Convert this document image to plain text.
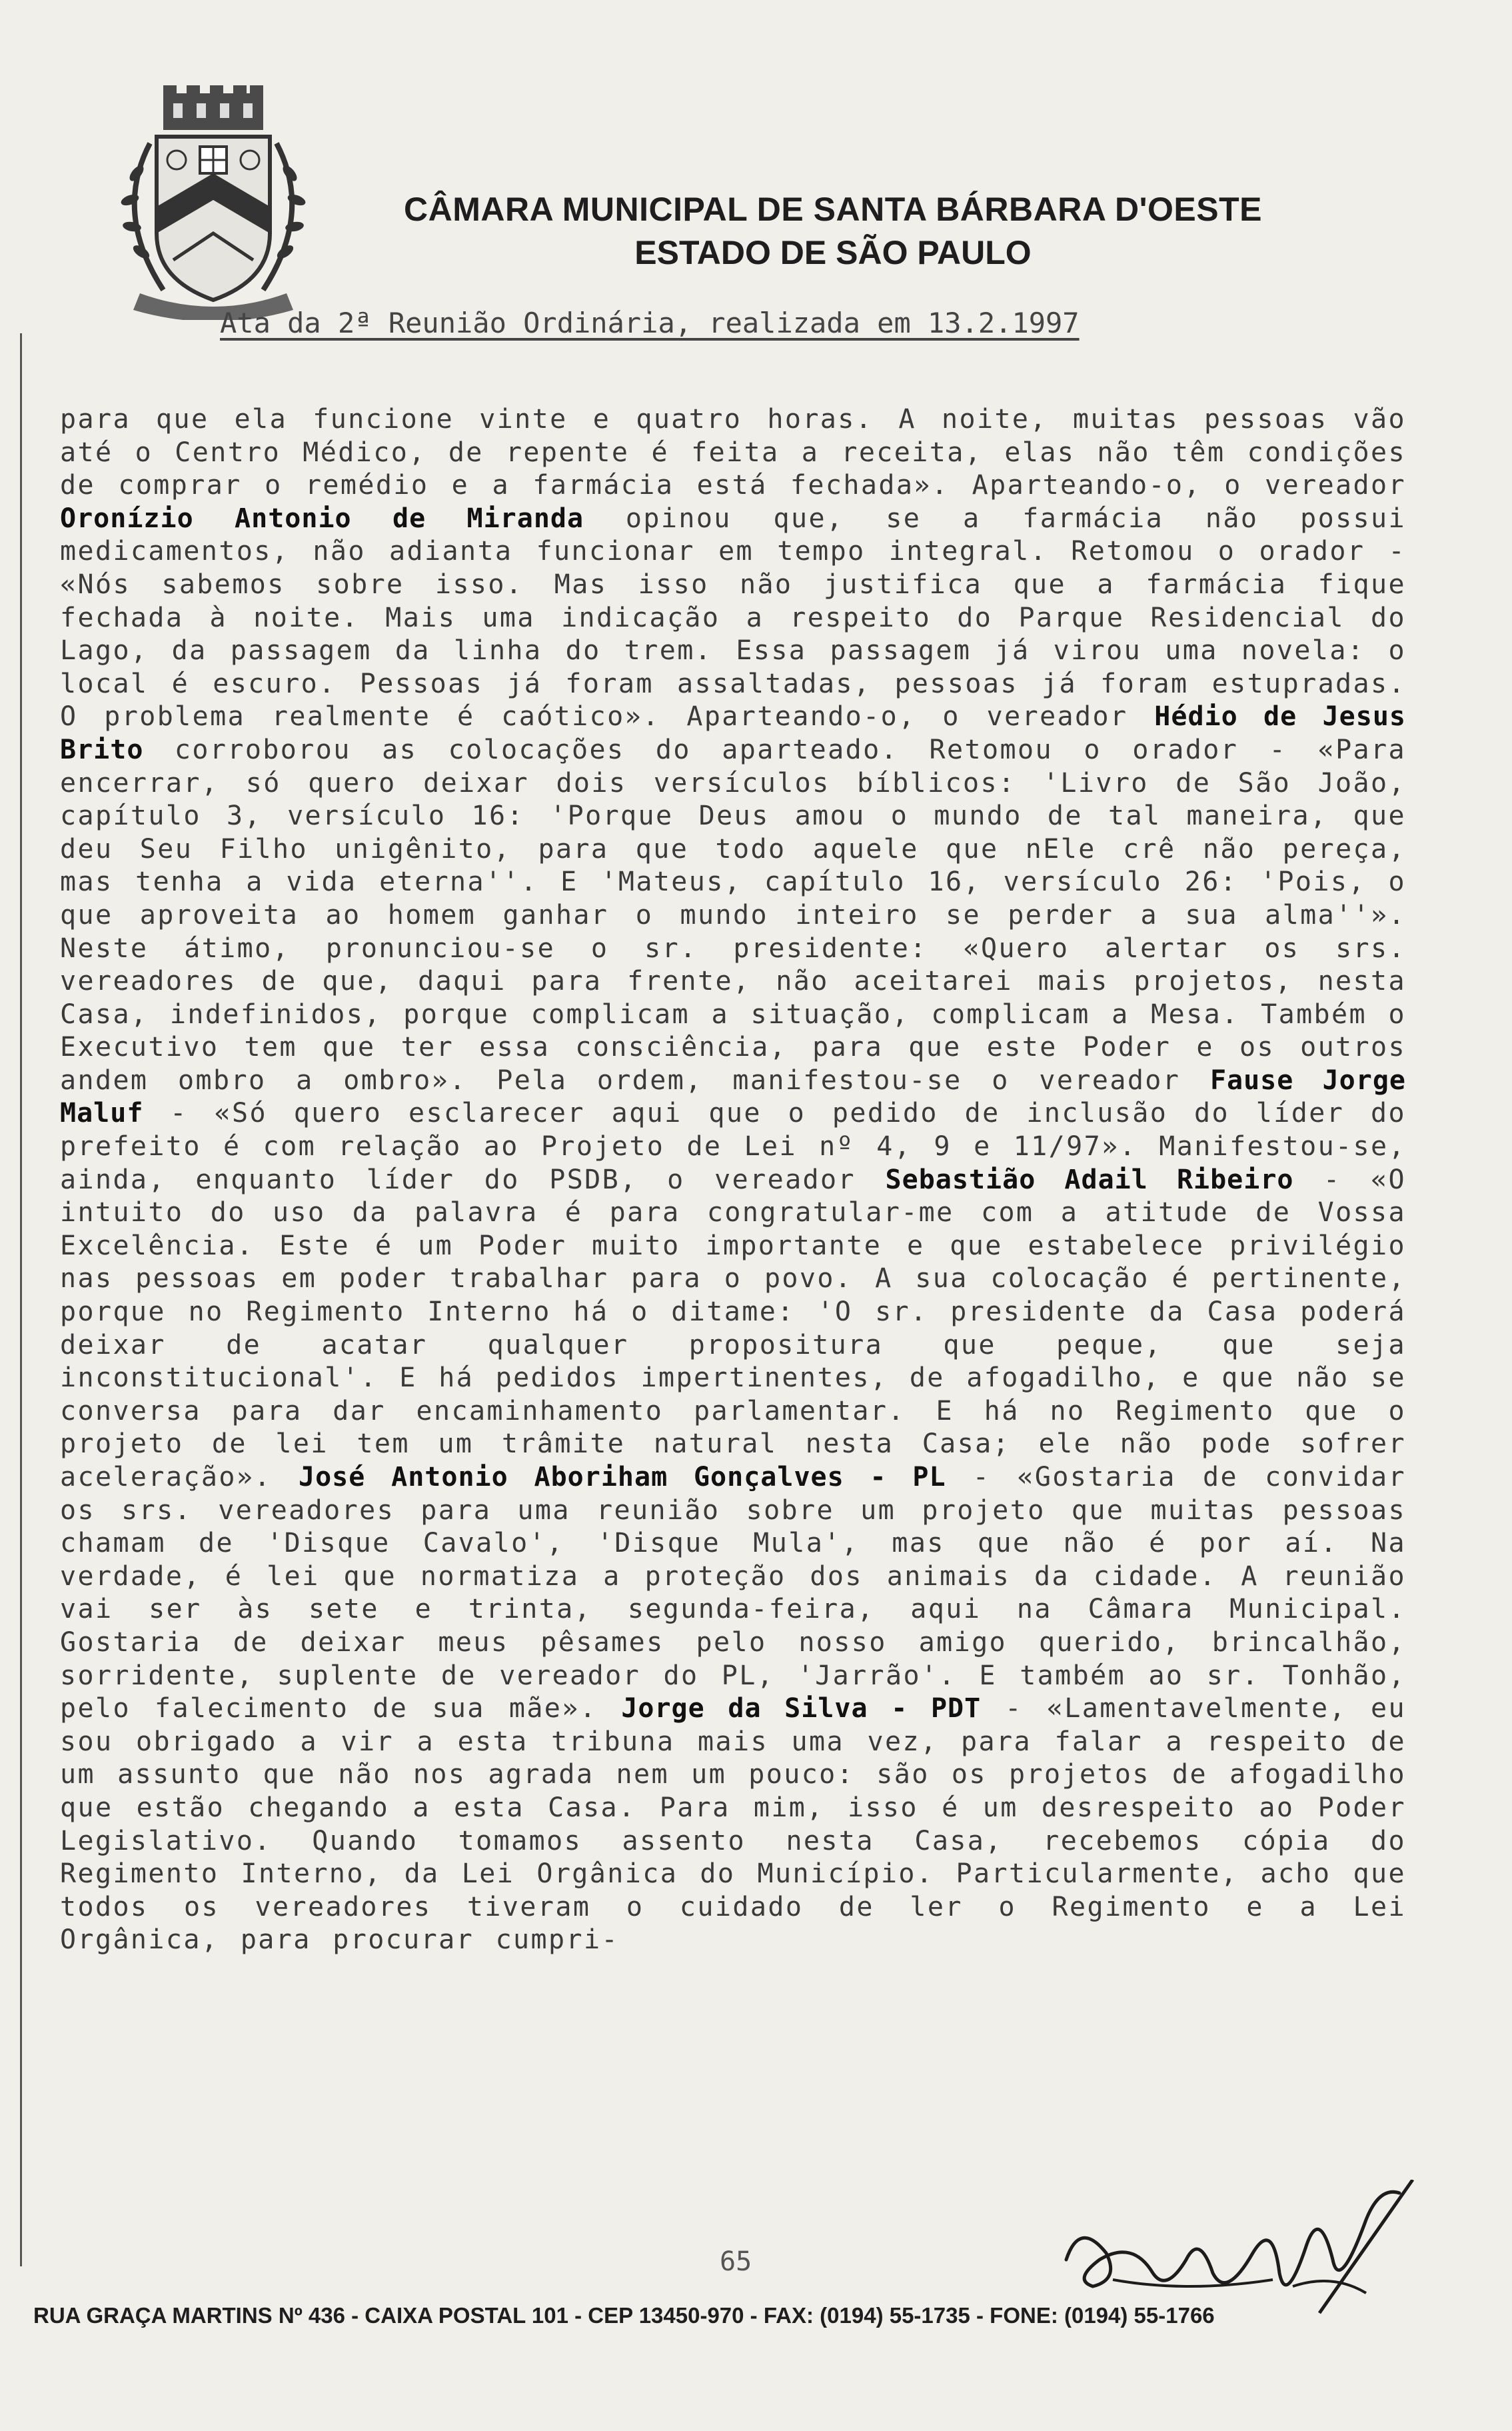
CÂMARA MUNICIPAL DE SANTA BÁRBARA D'OESTE
ESTADO DE SÃO PAULO
Ata da 2ª Reunião Ordinária, realizada em 13.2.1997
para que ela funcione vinte e quatro horas. A noite, muitas pessoas vão até o Centro Médico, de repente é feita a receita, elas não têm condições de comprar o remédio e a farmácia está fechada». Aparteando-o, o vereador Oronízio Antonio de Miranda opinou que, se a farmácia não possui medicamentos, não adianta funcionar em tempo integral. Retomou o orador - «Nós sabemos sobre isso. Mas isso não justifica que a farmácia fique fechada à noite. Mais uma indicação a respeito do Parque Residencial do Lago, da passagem da linha do trem. Essa passagem já virou uma novela: o local é escuro. Pessoas já foram assaltadas, pessoas já foram estupradas. O problema realmente é caótico». Aparteando-o, o vereador Hédio de Jesus Brito corroborou as colocações do aparteado. Retomou o orador - «Para encerrar, só quero deixar dois versículos bíblicos: 'Livro de São João, capítulo 3, versículo 16: 'Porque Deus amou o mundo de tal maneira, que deu Seu Filho unigênito, para que todo aquele que nEle crê não pereça, mas tenha a vida eterna''. E 'Mateus, capítulo 16, versículo 26: 'Pois, o que aproveita ao homem ganhar o mundo inteiro se perder a sua alma''». Neste átimo, pronunciou-se o sr. presidente: «Quero alertar os srs. vereadores de que, daqui para frente, não aceitarei mais projetos, nesta Casa, indefinidos, porque complicam a situação, complicam a Mesa. Também o Executivo tem que ter essa consciência, para que este Poder e os outros andem ombro a ombro». Pela ordem, manifestou-se o vereador Fause Jorge Maluf - «Só quero esclarecer aqui que o pedido de inclusão do líder do prefeito é com relação ao Projeto de Lei nº 4, 9 e 11/97». Manifestou-se, ainda, enquanto líder do PSDB, o vereador Sebastião Adail Ribeiro - «O intuito do uso da palavra é para congratular-me com a atitude de Vossa Excelência. Este é um Poder muito importante e que estabelece privilégio nas pessoas em poder trabalhar para o povo. A sua colocação é pertinente, porque no Regimento Interno há o ditame: 'O sr. presidente da Casa poderá deixar de acatar qualquer propositura que peque, que seja inconstitucional'. E há pedidos impertinentes, de afogadilho, e que não se conversa para dar encaminhamento parlamentar. E há no Regimento que o projeto de lei tem um trâmite natural nesta Casa; ele não pode sofrer aceleração». José Antonio Aboriham Gonçalves - PL - «Gostaria de convidar os srs. vereadores para uma reunião sobre um projeto que muitas pessoas chamam de 'Disque Cavalo', 'Disque Mula', mas que não é por aí. Na verdade, é lei que normatiza a proteção dos animais da cidade. A reunião vai ser às sete e trinta, segunda-feira, aqui na Câmara Municipal. Gostaria de deixar meus pêsames pelo nosso amigo querido, brincalhão, sorridente, suplente de vereador do PL, 'Jarrão'. E também ao sr. Tonhão, pelo falecimento de sua mãe». Jorge da Silva - PDT - «Lamentavelmente, eu sou obrigado a vir a esta tribuna mais uma vez, para falar a respeito de um assunto que não nos agrada nem um pouco: são os projetos de afogadilho que estão chegando a esta Casa. Para mim, isso é um desrespeito ao Poder Legislativo. Quando tomamos assento nesta Casa, recebemos cópia do Regimento Interno, da Lei Orgânica do Município. Particularmente, acho que todos os vereadores tiveram o cuidado de ler o Regimento e a Lei Orgânica, para procurar cumpri-
65
RUA GRAÇA MARTINS Nº 436 - CAIXA POSTAL 101 - CEP 13450-970 - FAX: (0194) 55-1735 - FONE: (0194) 55-1766
